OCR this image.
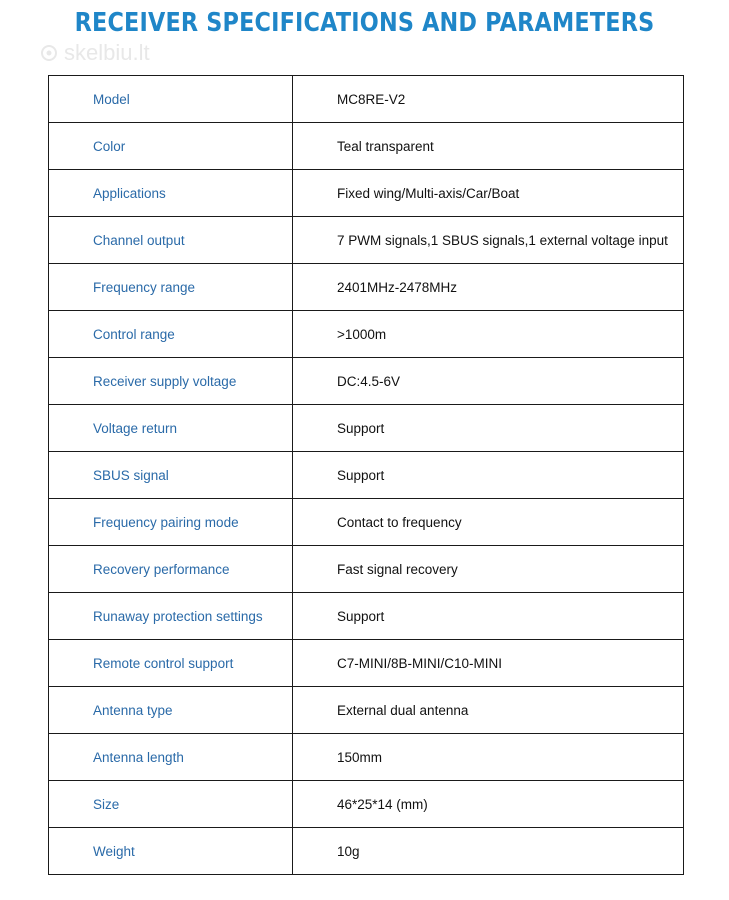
RECEIVER SPECIFICATIONS AND PARAMETERS
skelbiu.lt
Model	MC8RE-V2
Color	Teal transparent
Applications	Fixed wing/Multi-axis/Car/Boat
Channel output	7 PWM signals,1 SBUS signals,1 external voltage input
Frequency range	2401MHz-2478MHz
Control range	>1000m
Receiver supply voltage	DC:4.5-6V
Voltage return	Support
SBUS signal	Support
Frequency pairing mode	Contact to frequency
Recovery performance	Fast signal recovery
Runaway protection settings	Support
Remote control support	C7-MINI/8B-MINI/C10-MINI
Antenna type	External dual antenna
Antenna length	150mm
Size	46*25*14 (mm)
Weight	10g
